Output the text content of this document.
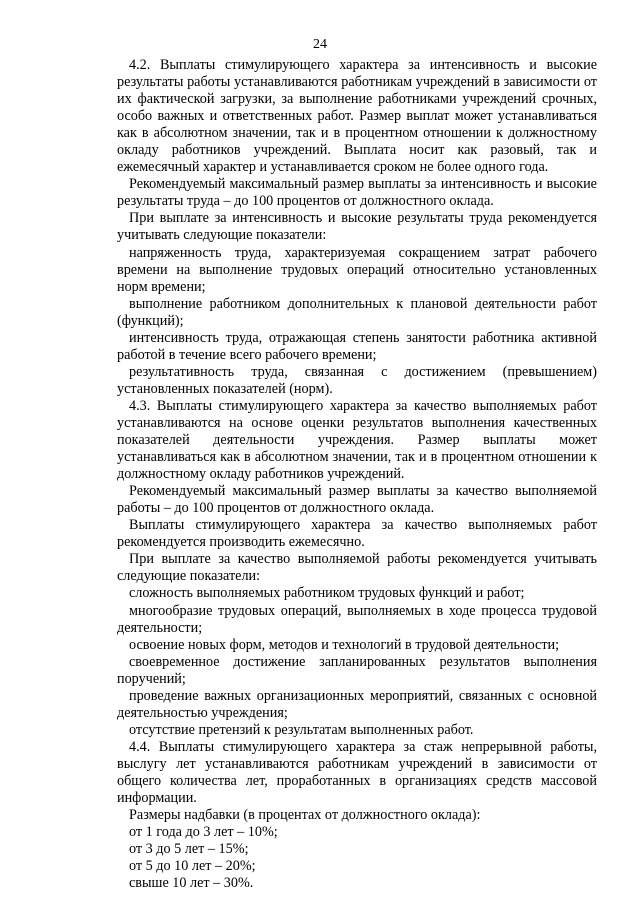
24

4.2. Выплаты стимулирующего характера за интенсивность и высокие результаты работы устанавливаются работникам учреждений в зависимости от их фактической загрузки, за выполнение работниками учреждений срочных, особо важных и ответственных работ. Размер выплат может устанавливаться как в абсолютном значении, так и в процентном отношении к должностному окладу работников учреждений. Выплата носит как разовый, так и ежемесячный характер и устанавливается сроком не более одного года.

Рекомендуемый максимальный размер выплаты за интенсивность и высокие результаты труда – до 100 процентов от должностного оклада.

При выплате за интенсивность и высокие результаты труда рекомендуется учитывать следующие показатели:

напряженность труда, характеризуемая сокращением затрат рабочего времени на выполнение трудовых операций относительно установленных норм времени;

выполнение работником дополнительных к плановой деятельности работ (функций);

интенсивность труда, отражающая степень занятости работника активной работой в течение всего рабочего времени;

результативность труда, связанная с достижением (превышением) установленных показателей (норм).

4.3. Выплаты стимулирующего характера за качество выполняемых работ устанавливаются на основе оценки результатов выполнения качественных показателей деятельности учреждения. Размер выплаты может устанавливаться как в абсолютном значении, так и в процентном отношении к должностному окладу работников учреждений.

Рекомендуемый максимальный размер выплаты за качество выполняемой работы – до 100 процентов от должностного оклада.

Выплаты стимулирующего характера за качество выполняемых работ рекомендуется производить ежемесячно.

При выплате за качество выполняемой работы рекомендуется учитывать следующие показатели:

сложность выполняемых работником трудовых функций и работ;

многообразие трудовых операций, выполняемых в ходе процесса трудовой деятельности;

освоение новых форм, методов и технологий в трудовой деятельности;

своевременное достижение запланированных результатов выполнения поручений;

проведение важных организационных мероприятий, связанных с основной деятельностью учреждения;

отсутствие претензий к результатам выполненных работ.

4.4. Выплаты стимулирующего характера за стаж непрерывной работы, выслугу лет устанавливаются работникам учреждений в зависимости от общего количества лет, проработанных в организациях средств массовой информации.

Размеры надбавки (в процентах от должностного оклада):

от 1 года до 3 лет – 10%;

от 3 до 5 лет – 15%;

от 5 до 10 лет – 20%;

свыше 10 лет – 30%.
